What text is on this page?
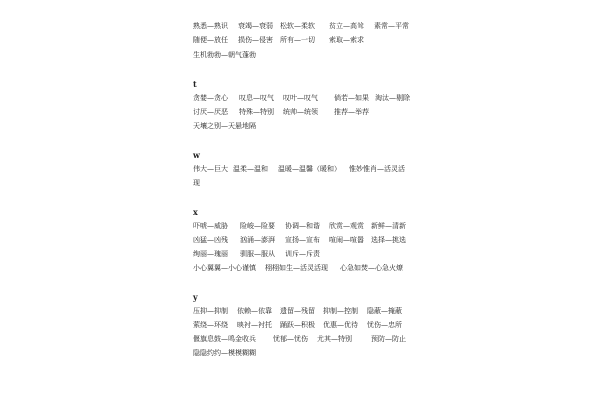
熟悉—熟识 衰竭—衰弱 松软—柔软 贫立—高耸 素常—平常
随便—放任 损伤—侵害 所有—一切 索取—索求
生机勃勃—朝气蓬勃
t
贪婪—贪心 叹息—叹气 叹叶—叹气 倘若—如果 淘汰—剔除
讨厌—厌恶 特殊—特别 统帅—统领 推荐—举荐
天壤之别—天悬地隔
w
伟大—巨大 温柔—温和 温暖—温馨（暖和） 惟妙惟肖—活灵活
现
x
吓唬—威胁 险峻—险要 协调—和谐 欣赏—观赏 新鲜—清新
凶猛—凶残 汹涌—澎湃 宣扬—宣布 喧闹—喧嚣 选择—挑选
绚丽—瑰丽 驯服—服从 训斥—斥责
小心翼翼—小心谨慎 栩栩如生—活灵活现 心急如焚—心急火燎
y
压抑—抑制 依赖—依靠 遗留—残留 抑制—控制 隐蔽—掩蔽
萦绕—环绕 映衬—衬托 踊跃—积极 优惠—优待 忧伤—忠所
偃旗息鼓—鸣金收兵 忧郁—忧伤 尤其—特别	预防—防止
隐隐约约—模模糊糊
